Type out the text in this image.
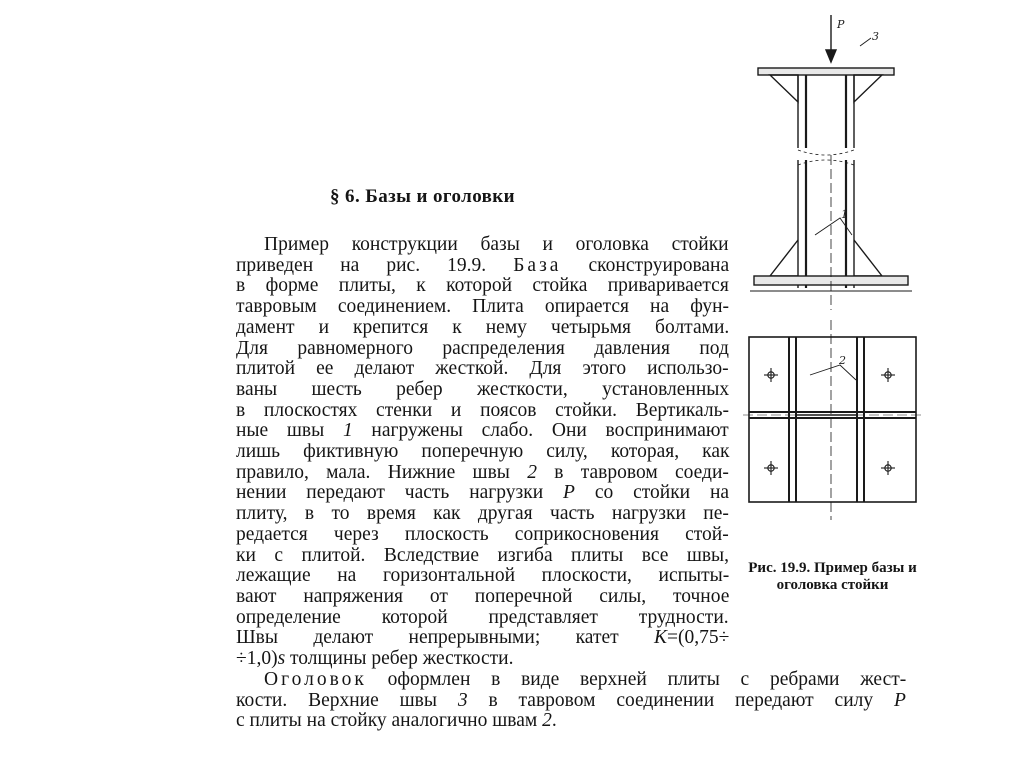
§ 6. Базы и оголовки
Пример конструкции базы и оголовка стойки
приведен на рис. 19.9. База сконструирована
в форме плиты, к которой стойка приваривается
тавровым соединением. Плита опирается на фун-
дамент и крепится к нему четырьмя болтами.
Для равномерного распределения давления под
плитой ее делают жесткой. Для этого использо-
ваны шесть ребер жесткости, установленных
в плоскостях стенки и поясов стойки. Вертикаль-
ные швы 1 нагружены слабо. Они воспринимают
лишь фиктивную поперечную силу, которая, как
правило, мала. Нижние швы 2 в тавровом соеди-
нении передают часть нагрузки P со стойки на
плиту, в то время как другая часть нагрузки пе-
редается через плоскость соприкосновения стой-
ки с плитой. Вследствие изгиба плиты все швы,
лежащие на горизонтальной плоскости, испыты-
вают напряжения от поперечной силы, точное
определение которой представляет трудности.
Швы делают непрерывными; катет K=(0,75÷
÷1,0)s толщины ребер жесткости.
Оголовок оформлен в виде верхней плиты с ребрами жест-
кости. Верхние швы 3 в тавровом соединении передают силу P
с плиты на стойку аналогично швам 2.
P
3
1
2
Рис. 19.9. Пример базы и оголовка стойки
